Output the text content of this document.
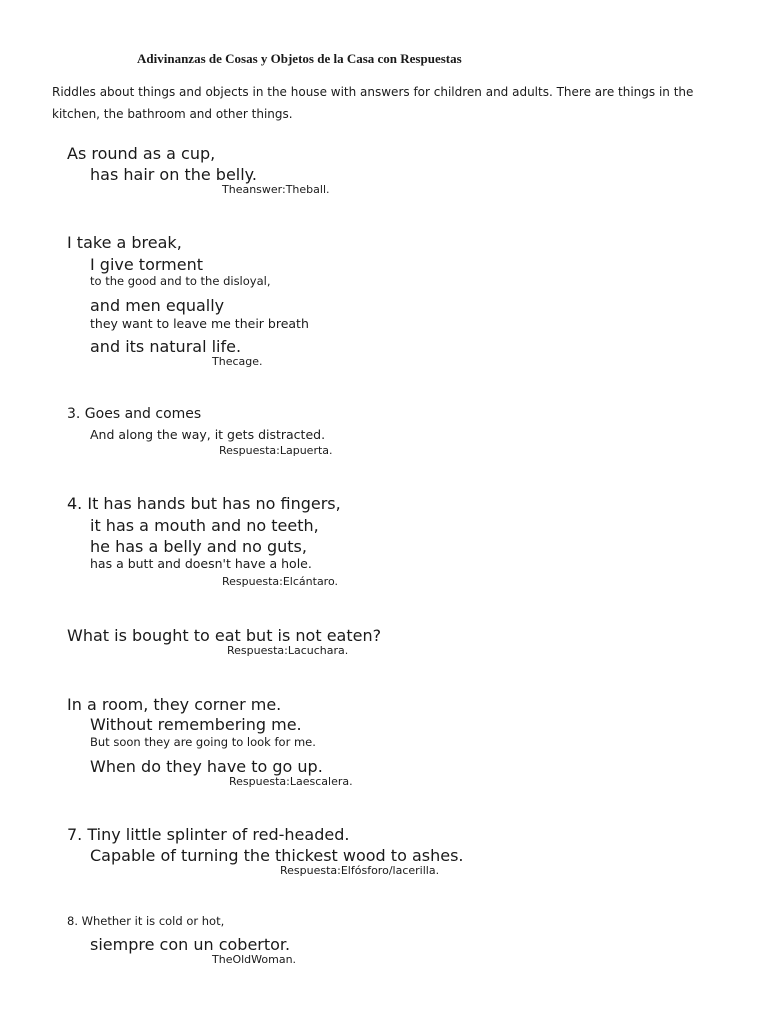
Adivinanzas de Cosas y Objetos de la Casa con Respuestas
Riddles about things and objects in the house with answers for children and adults. There are things in the kitchen, the bathroom and other things.
As round as a cup,
has hair on the belly.
Theanswer:Theball.
I take a break,
I give torment
to the good and to the disloyal,
and men equally
they want to leave me their breath
and its natural life.
Thecage.
3. Goes and comes
And along the way, it gets distracted.
Respuesta:Lapuerta.
4. It has hands but has no fingers,
it has a mouth and no teeth,
he has a belly and no guts,
has a butt and doesn't have a hole.
Respuesta:Elcántaro.
What is bought to eat but is not eaten?
Respuesta:Lacuchara.
In a room, they corner me.
Without remembering me.
But soon they are going to look for me.
When do they have to go up.
Respuesta:Laescalera.
7. Tiny little splinter of red-headed.
Capable of turning the thickest wood to ashes.
Respuesta:Elfósforo/lacerilla.
8. Whether it is cold or hot,
siempre con un cobertor.
TheOldWoman.
